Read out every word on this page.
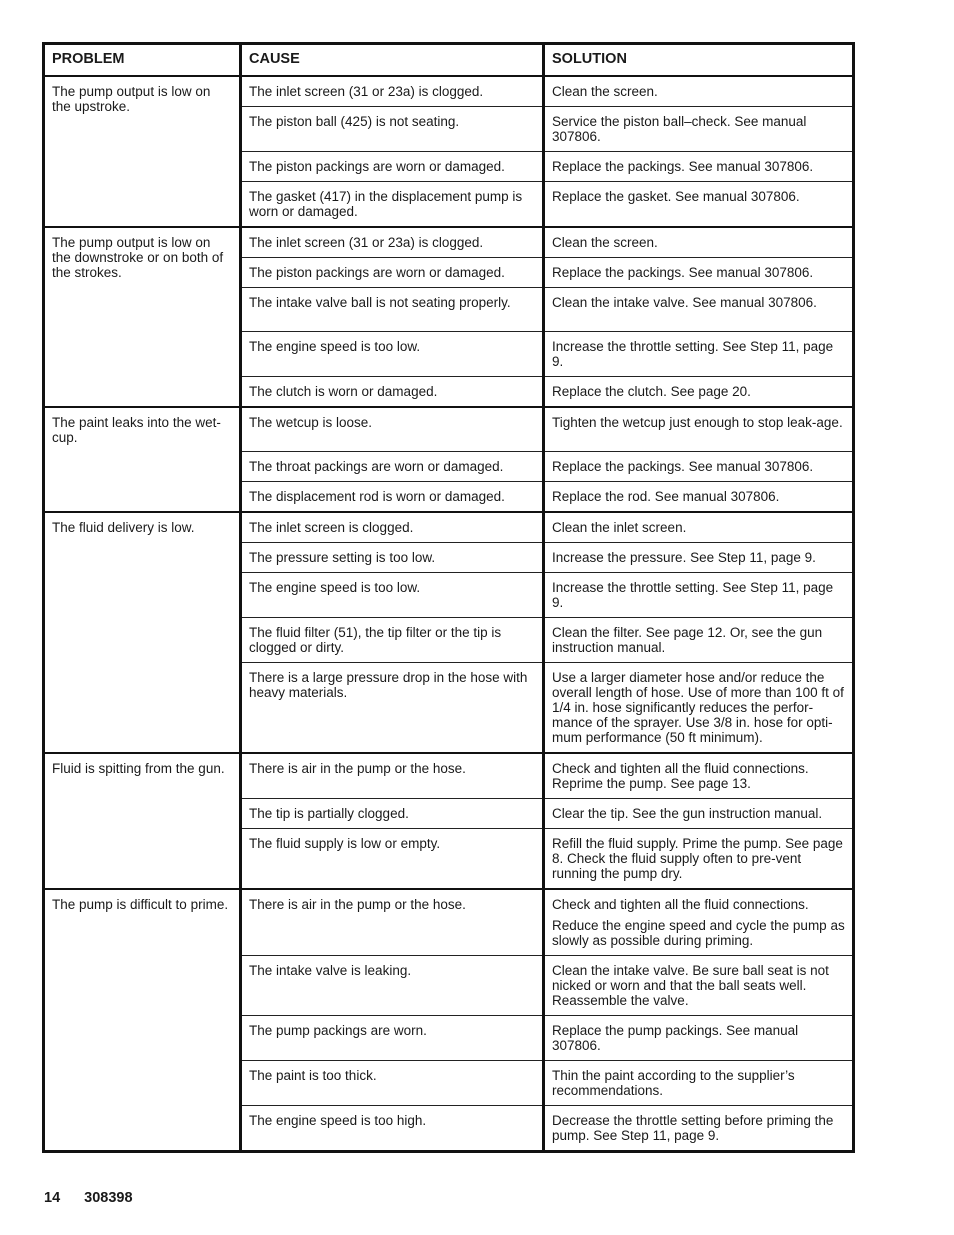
PROBLEM	CAUSE	SOLUTION
The pump output is low on the upstroke.	The inlet screen (31 or 23a) is clogged.	Clean the screen.

	The piston ball (425) is not seating.	Service the piston ball–check. See manual 307806.

	The piston packings are worn or damaged.	Replace the packings. See manual 307806.

	The gasket (417) in the displacement pump is worn or damaged.	Replace the gasket. See manual 307806.

The pump output is low on the downstroke or on both of the strokes.	The inlet screen (31 or 23a) is clogged.	Clean the screen.

	The piston packings are worn or damaged.	Replace the packings. See manual 307806.

	The intake valve ball is not seating properly.	Clean the intake valve. See manual 307806.

	The engine speed is too low.	Increase the throttle setting. See Step 11, page 9.

	The clutch is worn or damaged.	Replace the clutch. See page 20.

The paint leaks into the wet-cup.	The wetcup is loose.	Tighten the wetcup just enough to stop leak-age.

	The throat packings are worn or damaged.	Replace the packings. See manual 307806.

	The displacement rod is worn or damaged.	Replace the rod. See manual 307806.

The fluid delivery is low.	The inlet screen is clogged.	Clean the inlet screen.

	The pressure setting is too low.	Increase the pressure. See Step 11, page 9.

	The engine speed is too low.	Increase the throttle setting. See Step 11, page 9.

	The fluid filter (51), the tip filter or the tip is clogged or dirty.	Clean the filter. See page 12. Or, see the gun instruction manual.

	There is a large pressure drop in the hose with heavy materials.	Use a larger diameter hose and/or reduce the overall length of hose. Use of more than 100 ft of 1/4 in. hose significantly reduces the perfor-mance of the sprayer. Use 3/8 in. hose for opti-mum performance (50 ft minimum).

Fluid is spitting from the gun.	There is air in the pump or the hose.	Check and tighten all the fluid connections. Reprime the pump. See page 13.

	The tip is partially clogged.	Clear the tip. See the gun instruction manual.

	The fluid supply is low or empty.	Refill the fluid supply. Prime the pump. See page 8. Check the fluid supply often to pre-vent running the pump dry.

The pump is difficult to prime.	There is air in the pump or the hose.	Check and tighten all the fluid connections.
Reduce the engine speed and cycle the pump as slowly as possible during priming.

	The intake valve is leaking.	Clean the intake valve. Be sure ball seat is not nicked or worn and that the ball seats well. Reassemble the valve.

	The pump packings are worn.	Replace the pump packings. See manual 307806.

	The paint is too thick.	Thin the paint according to the supplier’s recommendations.

	The engine speed is too high.	Decrease the throttle setting before priming the pump. See Step 11, page 9.
14 308398
